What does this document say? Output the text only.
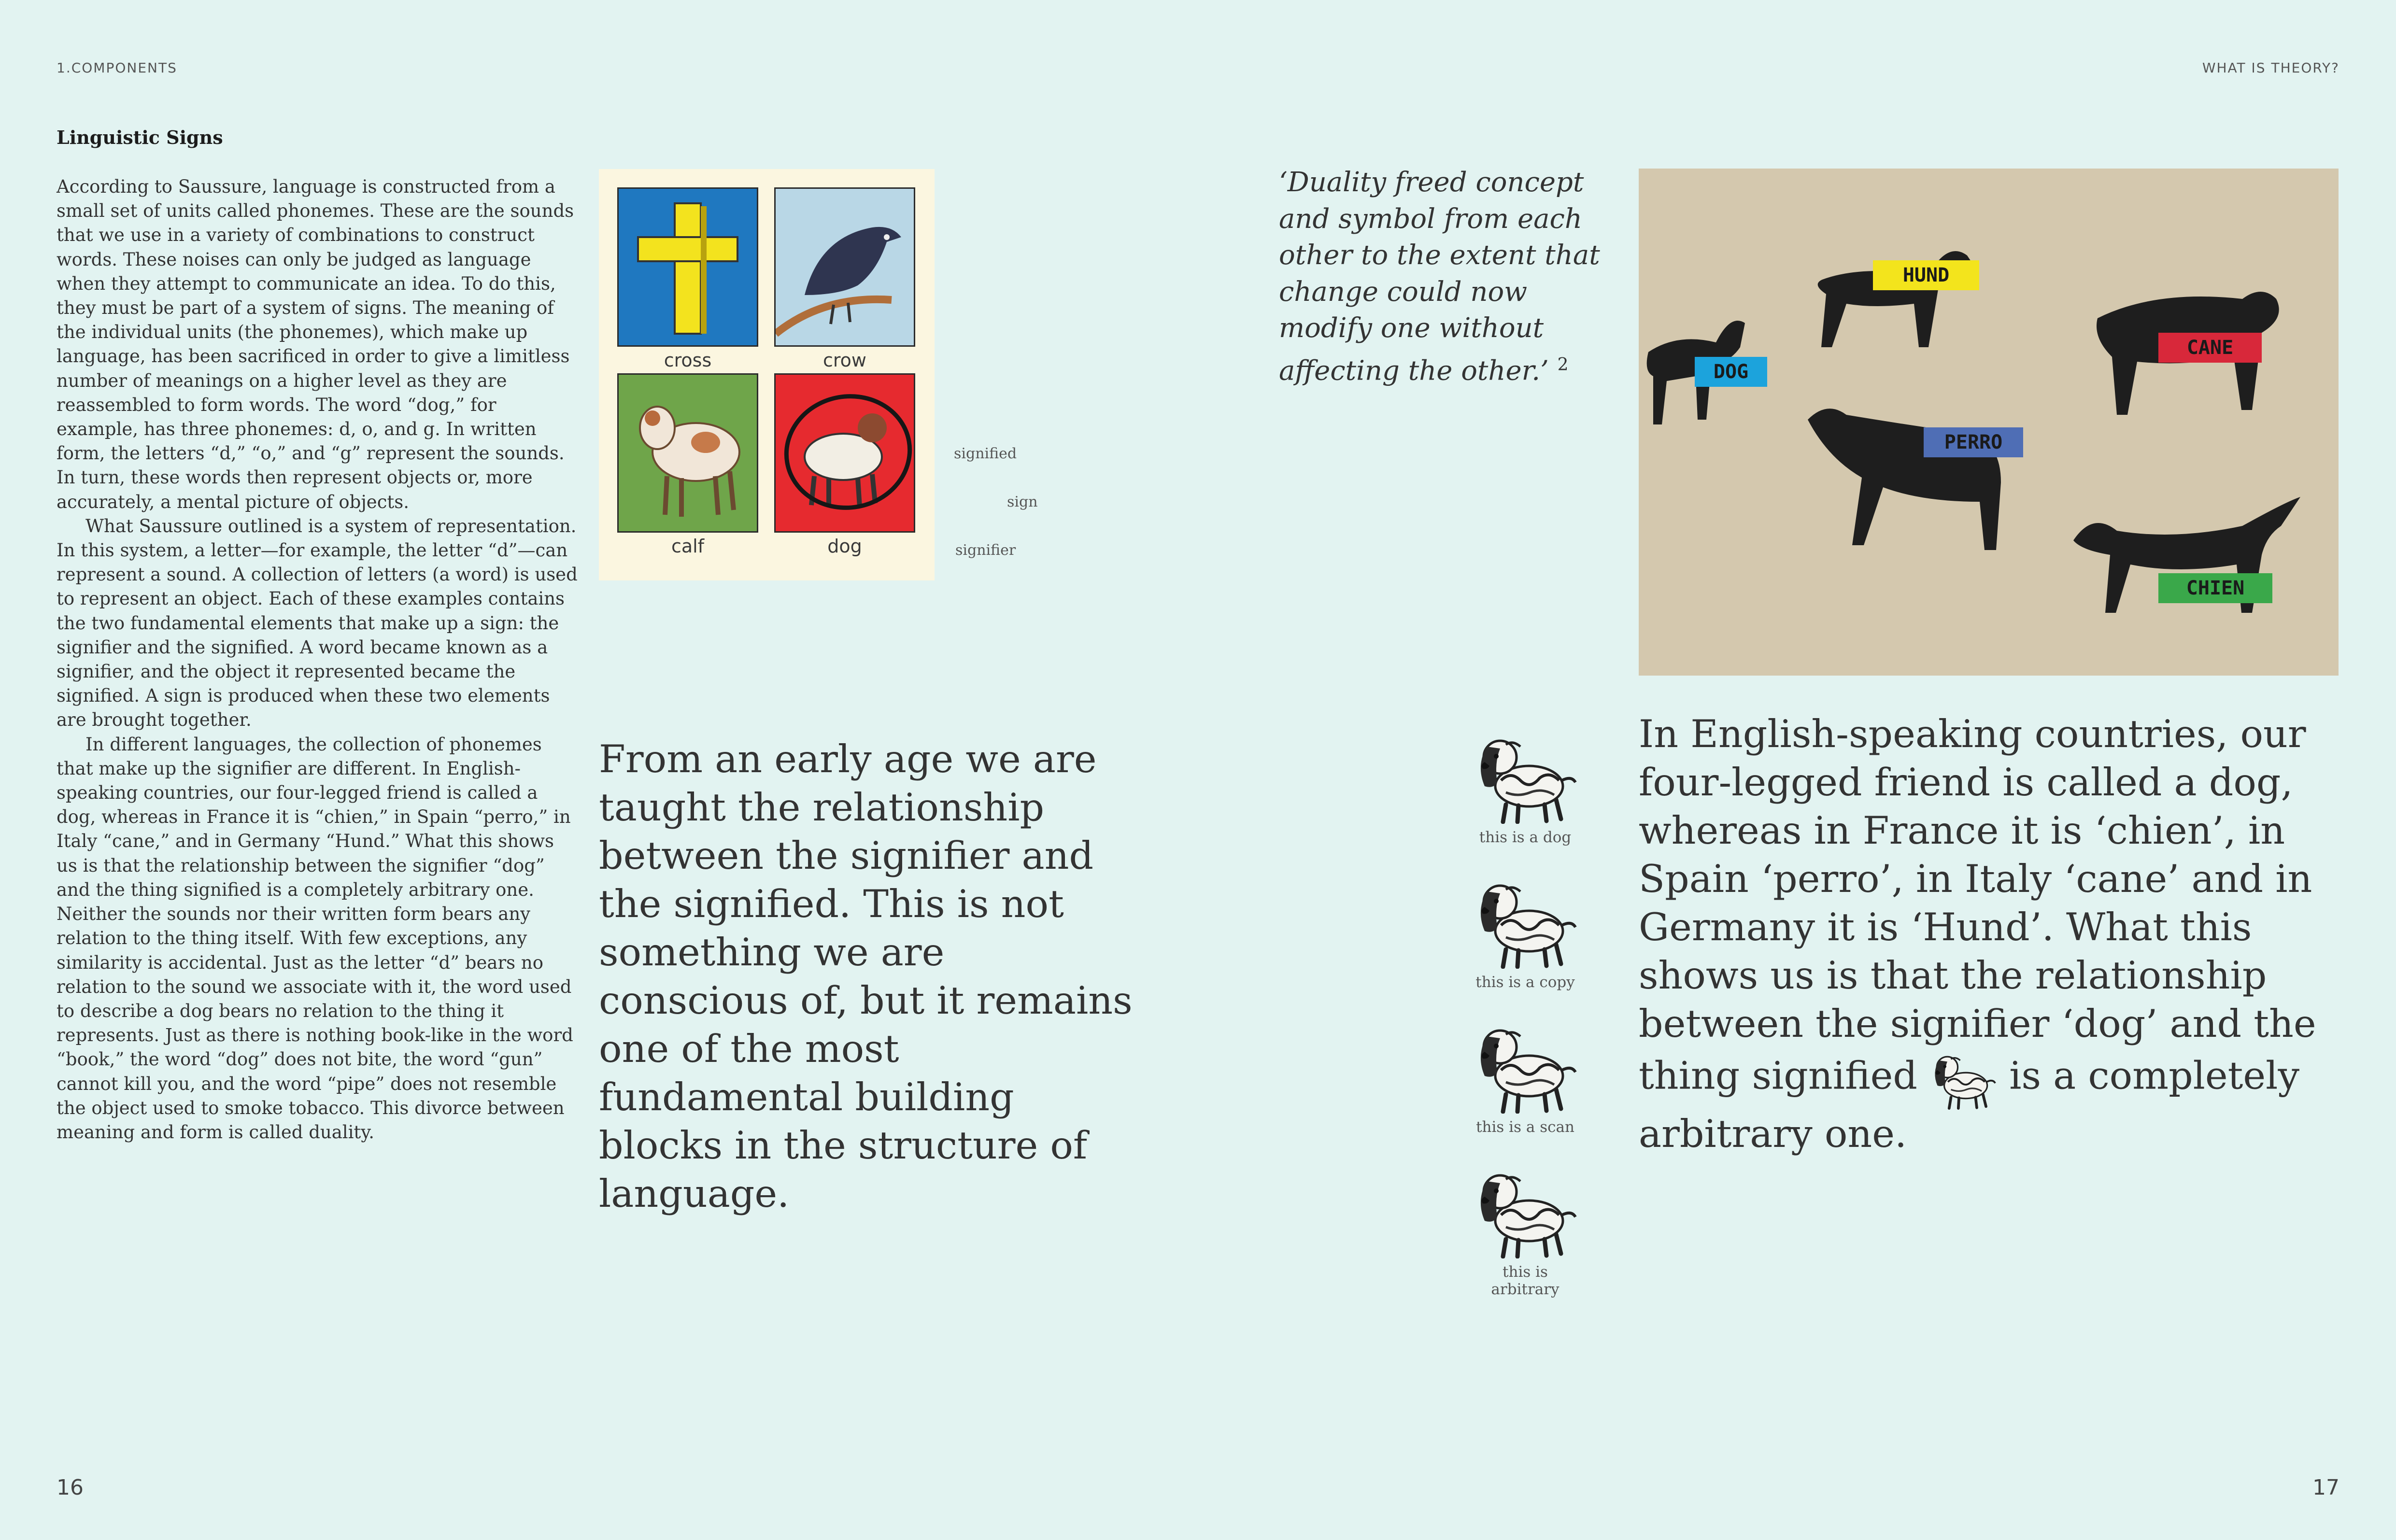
1.COMPONENTS	WHAT IS THEORY?
Linguistic Signs

According to Saussure, language is constructed from a small set of units called phonemes. These are the sounds that we use in a variety of combinations to construct words. These noises can only be judged as language when they attempt to communicate an idea. To do this, they must be part of a system of signs. The meaning of the individual units (the phonemes), which make up language, has been sacrificed in order to give a limitless number of meanings on a higher level as they are reassembled to form words. The word “dog,” for example, has three phonemes: d, o, and g. In written form, the letters “d,” “o,” and “g” represent the sounds. In turn, these words then represent objects or, more accurately, a mental picture of objects.

What Saussure outlined is a system of representation. In this system, a letter—for example, the letter “d”—can represent a sound. A collection of letters (a word) is used to represent an object. Each of these examples contains the two fundamental elements that make up a sign: the signifier and the signified. A word became known as a signifier, and the object it represented became the signified. A sign is produced when these two elements are brought together.

In different languages, the collection of phonemes that make up the signifier are different. In English-speaking countries, our four-legged friend is called a dog, whereas in France it is “chien,” in Spain “perro,” in Italy “cane,” and in Germany “Hund.” What this shows us is that the relationship between the signifier “dog” and the thing signified is a completely arbitrary one. Neither the sounds nor their written form bears any relation to the thing itself. With few exceptions, any similarity is accidental. Just as the letter “d” bears no relation to the sound we associate with it, the word used to describe a dog bears no relation to the thing it represents. Just as there is nothing book-like in the word “book,” the word “dog” does not bite, the word “gun” cannot kill you, and the word “pipe” does not resemble the object used to smoke tobacco. This divorce between meaning and form is called duality.

cross	crow
calf	dog
signified
sign
signifier
From an early age we are taught the relationship between the signifier and the signified. This is not something we are conscious of, but it remains one of the most fundamental building blocks in the structure of language.
‘Duality freed concept and symbol from each other to the extent that change could now modify one without affecting the other.’ $^2$
HUND
DOG
CANE
PERRO
CHIEN
this is a dog
this is a copy
this is a scan
this is arbitrary
In English-speaking countries, our four-legged friend is called a dog, whereas in France it is ‘chien’, in Spain ‘perro’, in Italy ‘cane’ and in Germany it is ‘Hund’. What this shows us is that the relationship between the signifier ‘dog’ and the thing signified  is a completely arbitrary one.
16	17
